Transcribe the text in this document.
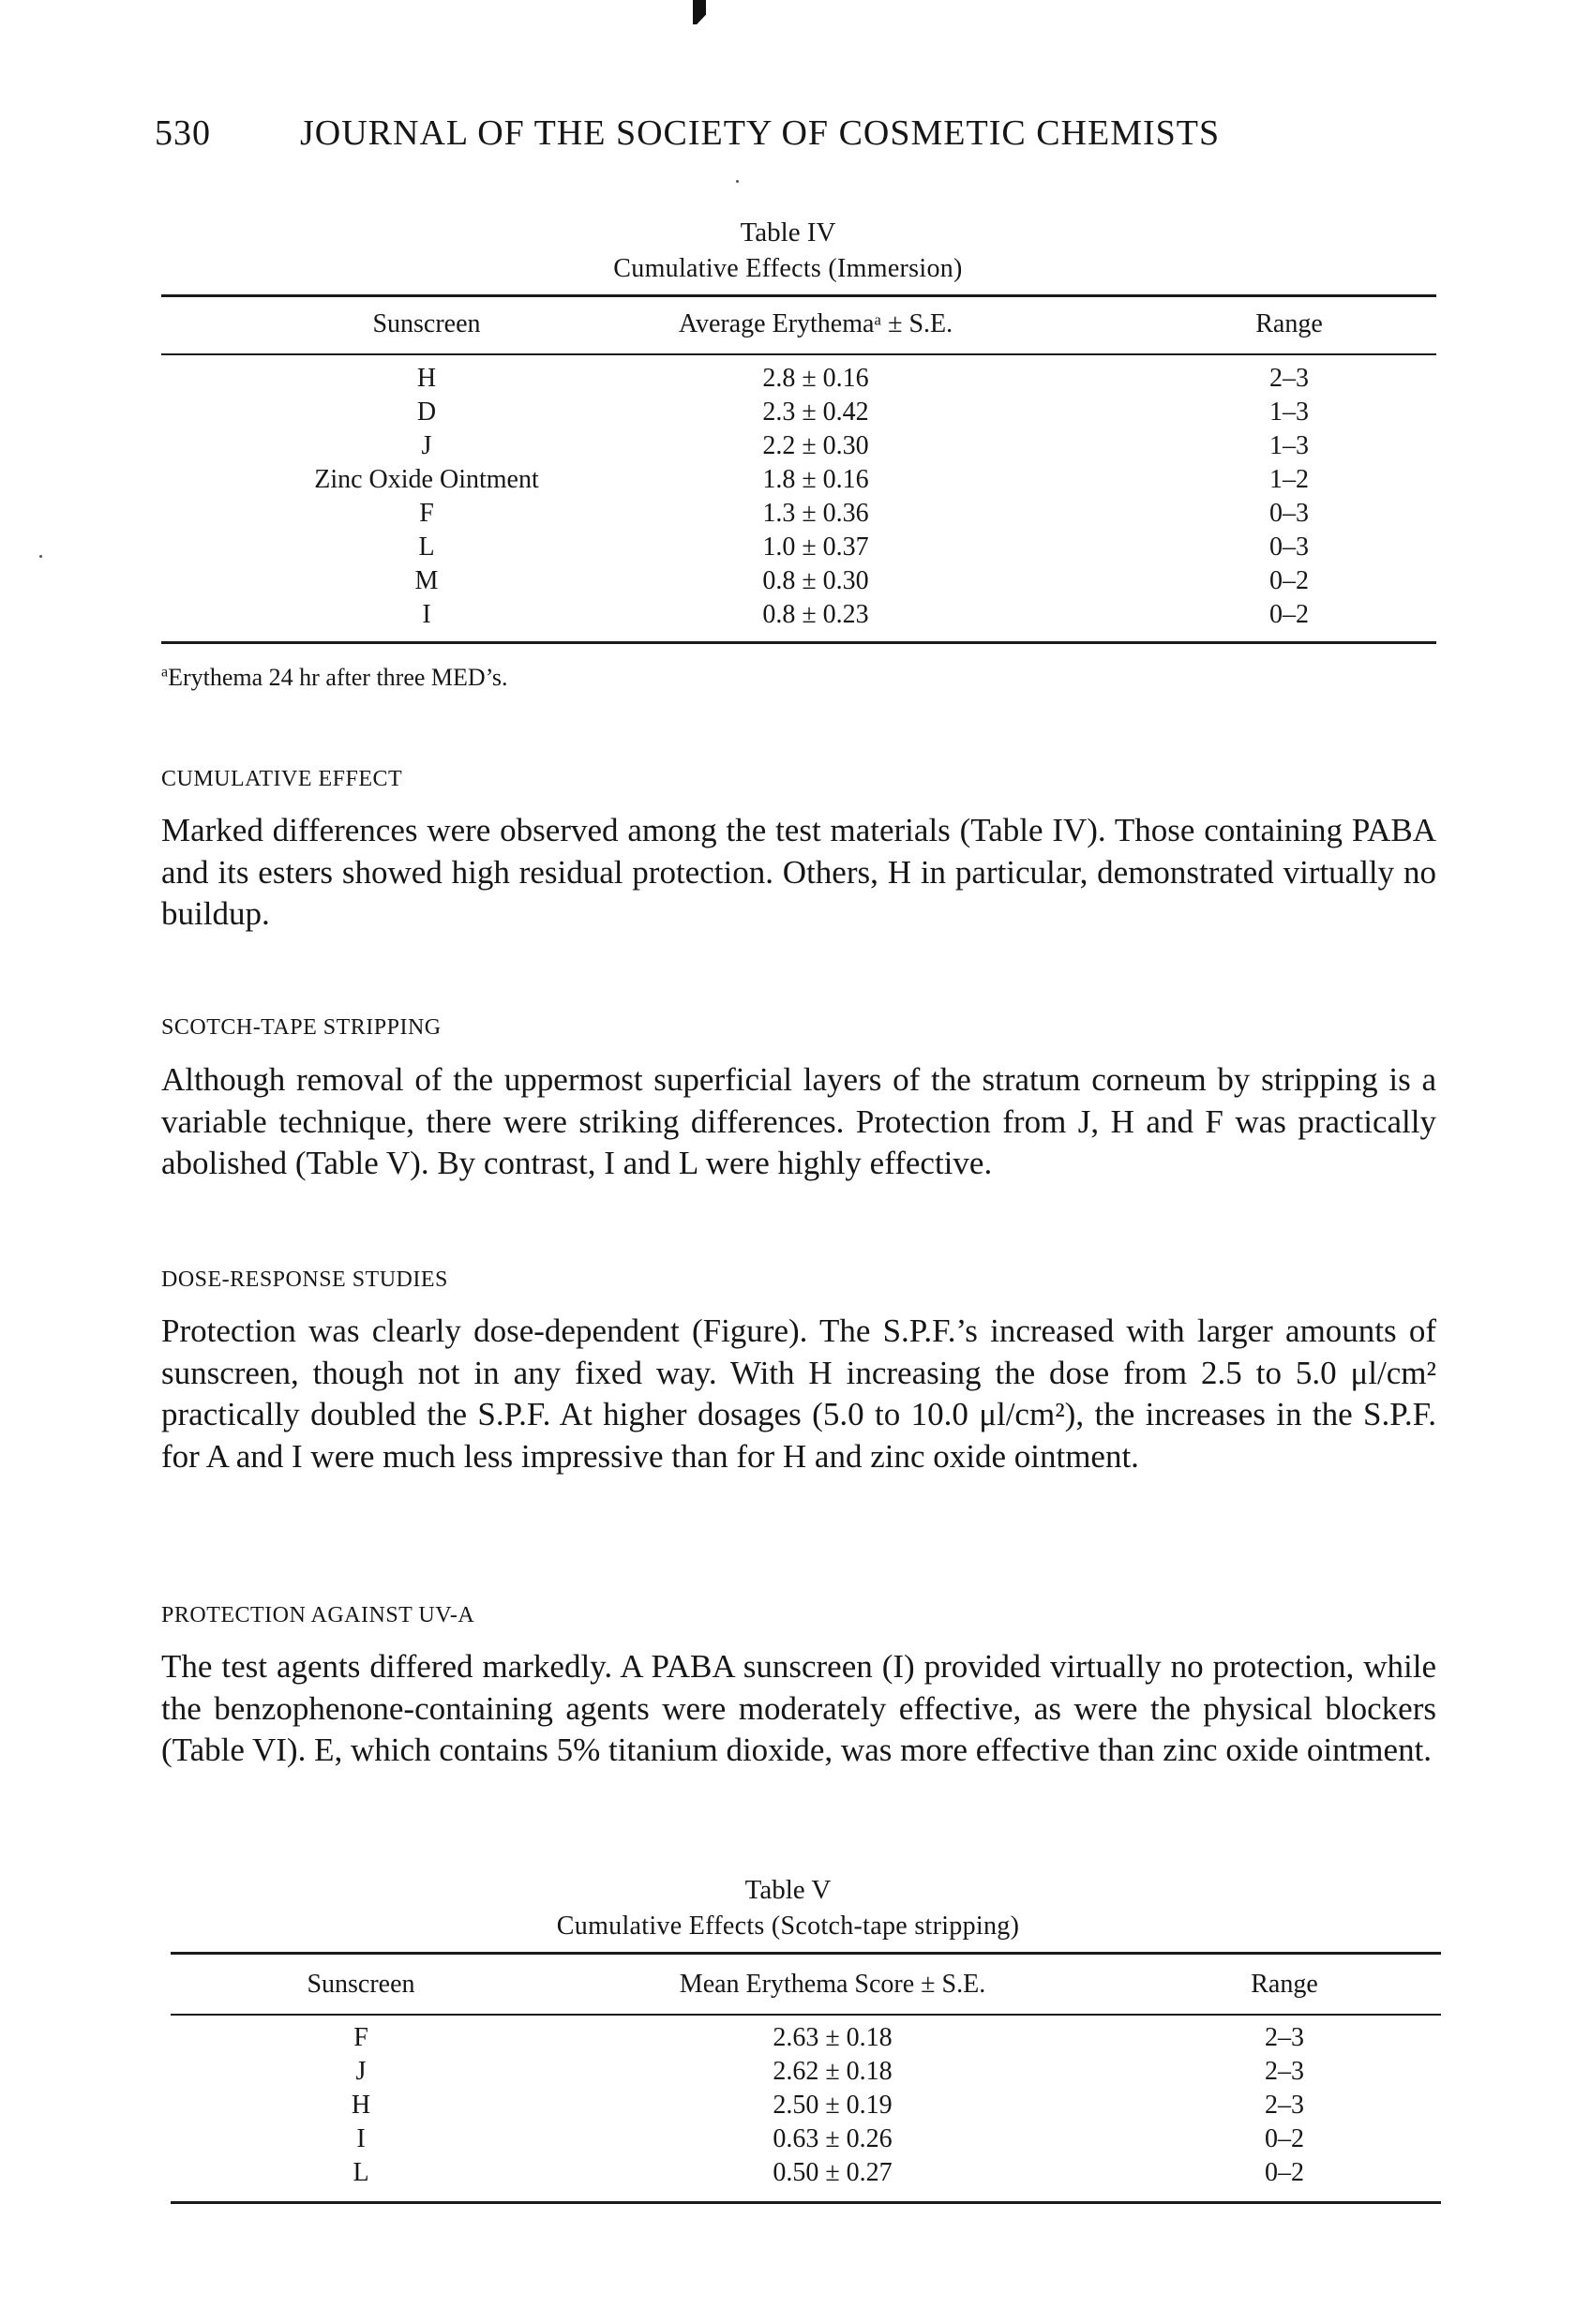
530	JOURNAL OF THE SOCIETY OF COSMETIC CHEMISTS
Table IV
Cumulative Effects (Immersion)
Sunscreen	Average Erythemaᵃ ± S.E.	Range
H	2.8 ± 0.16	2–3
D	2.3 ± 0.42	1–3
J	2.2 ± 0.30	1–3
Zinc Oxide Ointment	1.8 ± 0.16	1–2
F	1.3 ± 0.36	0–3
L	1.0 ± 0.37	0–3
M	0.8 ± 0.30	0–2
I	0.8 ± 0.23	0–2
$^a$Erythema 24 hr after three MED’s.
CUMULATIVE EFFECT

Marked differences were observed among the test materials (Table IV). Those containing PABA and its esters showed high residual protection. Others, H in particular, demonstrated virtually no buildup.

SCOTCH-TAPE STRIPPING

Although removal of the uppermost superficial layers of the stratum corneum by stripping is a variable technique, there were striking differences. Protection from J, H and F was practically abolished (Table V). By contrast, I and L were highly effective.

DOSE-RESPONSE STUDIES

Protection was clearly dose-dependent (Figure). The S.P.F.’s increased with larger amounts of sunscreen, though not in any fixed way. With H increasing the dose from 2.5 to 5.0 μl/cm² practically doubled the S.P.F. At higher dosages (5.0 to 10.0 μl/cm²), the increases in the S.P.F. for A and I were much less impressive than for H and zinc oxide ointment.

PROTECTION AGAINST UV-A

The test agents differed markedly. A PABA sunscreen (I) provided virtually no protection, while the benzophenone-containing agents were moderately effective, as were the physical blockers (Table VI). E, which contains 5% titanium dioxide, was more effective than zinc oxide ointment.

Table V
Cumulative Effects (Scotch-tape stripping)
Sunscreen	Mean Erythema Score ± S.E.	Range
F	2.63 ± 0.18	2–3
J	2.62 ± 0.18	2–3
H	2.50 ± 0.19	2–3
I	0.63 ± 0.26	0–2
L	0.50 ± 0.27	0–2
